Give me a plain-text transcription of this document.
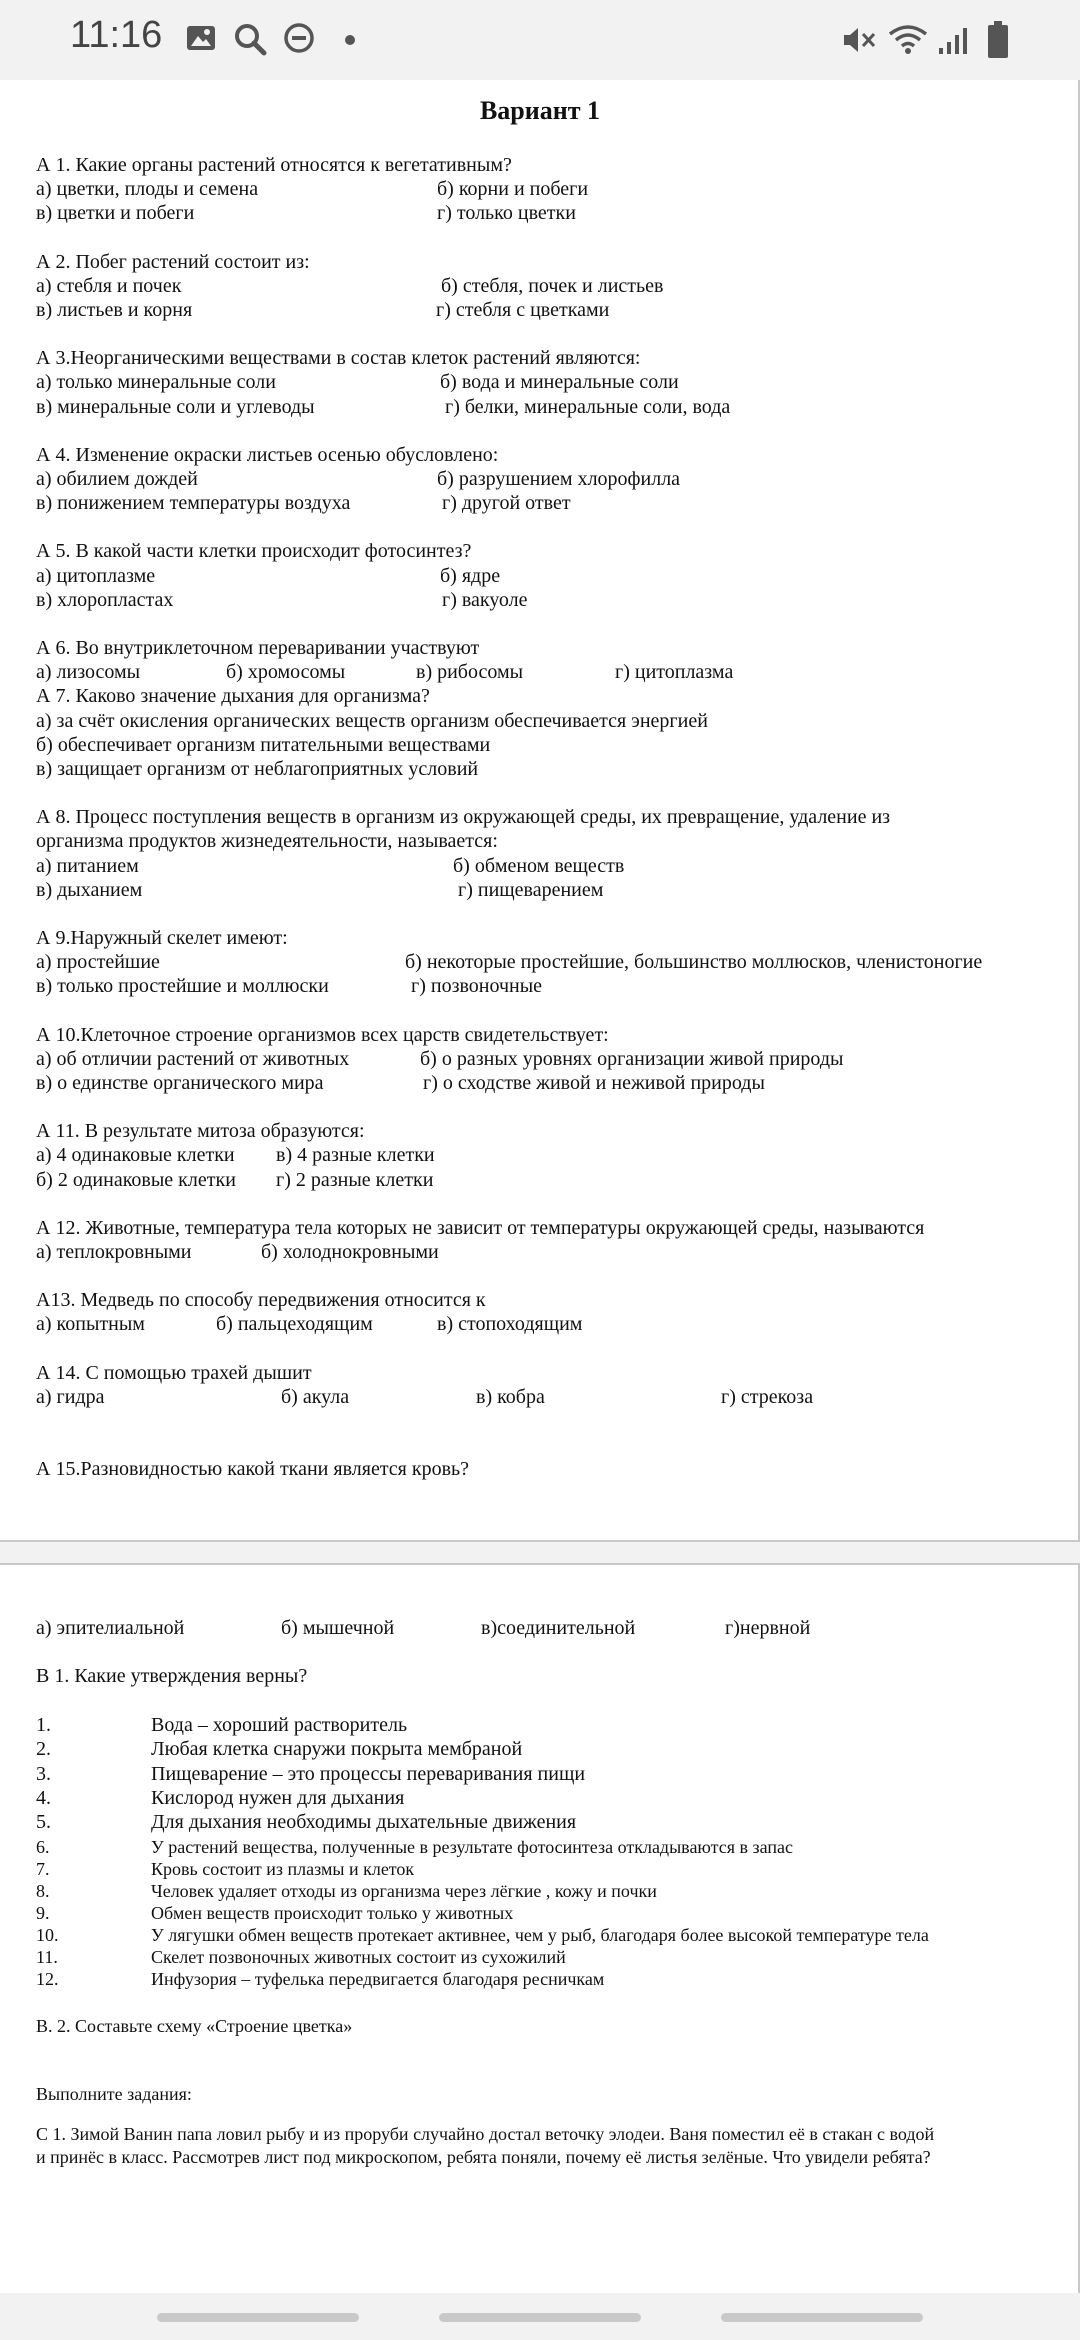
Вариант 1
А 1. Какие органы растений относятся к вегетативным?
а) цветки, плоды и семена	б) корни и побеги
в) цветки и побеги	г) только цветки
А 2. Побег растений состоит из:
а) стебля и почек	б) стебля, почек и листьев
в) листьев и корня	г) стебля с цветками
А 3.Неорганическими веществами в состав клеток растений являются:
а) только минеральные соли	б) вода и минеральные соли
в) минеральные соли и углеводы	г) белки, минеральные соли, вода
А 4. Изменение окраски листьев осенью обусловлено:
а) обилием дождей	б) разрушением хлорофилла
в) понижением температуры воздуха	г) другой ответ
А 5. В какой части клетки происходит фотосинтез?
а) цитоплазме	б) ядре
в) хлоропластах	г) вакуоле
А 6. Во внутриклеточном переваривании участвуют
а) лизосомы	б) хромосомы	в) рибосомы	г) цитоплазма
А 7. Каково значение дыхания для организма?
а) за счёт окисления органических веществ организм обеспечивается энергией
б) обеспечивает организм питательными веществами
в) защищает организм от неблагоприятных условий
А 8. Процесс поступления веществ в организм из окружающей среды, их превращение, удаление из
организма продуктов жизнедеятельности, называется:
а) питанием	б) обменом веществ
в) дыханием	г) пищеварением
А 9.Наружный скелет имеют:
а) простейшие	б) некоторые простейшие, большинство моллюсков, членистоногие
в) только простейшие и моллюски	г) позвоночные
А 10.Клеточное строение организмов всех царств свидетельствует:
а) об отличии растений от животных	б) о разных уровнях организации живой природы
в) о единстве органического мира	г) о сходстве живой и неживой природы
А 11. В результате митоза образуются:
а) 4 одинаковые клетки в) 4 разные клетки
б) 2 одинаковые клетки г) 2 разные клетки
А 12. Животные, температура тела которых не зависит от температуры окружающей среды, называются
а) теплокровными	б) холоднокровными
А13. Медведь по способу передвижения относится к
а) копытным	б) пальцеходящим	в) стопоходящим
А 14. С помощью трахей дышит
а) гидра	б) акула	в) кобра	г) стрекоза
А 15.Разновидностью какой ткани является кровь?
а) эпителиальной	б) мышечной	в)соединительной	г)нервной
В 1. Какие утверждения верны?
1.	Вода – хороший растворитель
2.	Любая клетка снаружи покрыта мембраной
3.	Пищеварение – это процессы переваривания пищи
4.	Кислород нужен для дыхания
5.	Для дыхания необходимы дыхательные движения
6.	У растений вещества, полученные в результате фотосинтеза откладываются в запас
7.	Кровь состоит из плазмы и клеток
8.	Человек удаляет отходы из организма через лёгкие , кожу и почки
9.	Обмен веществ происходит только у животных
10.	У лягушки обмен веществ протекает активнее, чем у рыб, благодаря более высокой температуре тела
11.	Скелет позвоночных животных состоит из сухожилий
12.	Инфузория – туфелька передвигается благодаря ресничкам
В. 2. Составьте схему «Строение цветка»
Выполните задания:
С 1. Зимой Ванин папа ловил рыбу и из проруби случайно достал веточку элодеи. Ваня поместил её в стакан с водой
и принёс в класс. Рассмотрев лист под микроскопом, ребята поняли, почему её листья зелёные. Что увидели ребята?
11:16
